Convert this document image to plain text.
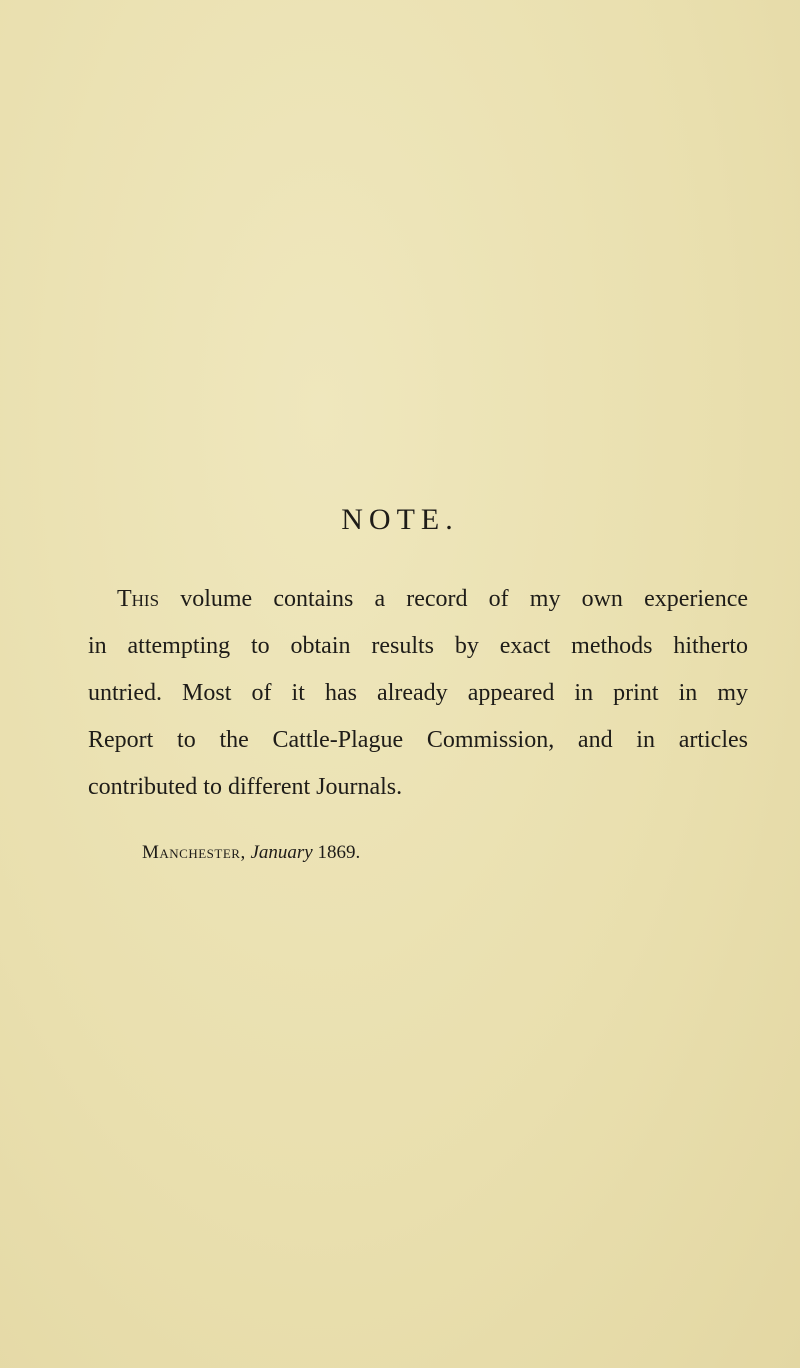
NOTE.
This volume contains a record of my own experience
in attempting to obtain results by exact methods hitherto
untried. Most of it has already appeared in print in my
Report to the Cattle-Plague Commission, and in articles
contributed to different Journals.

Manchester, January 1869.
